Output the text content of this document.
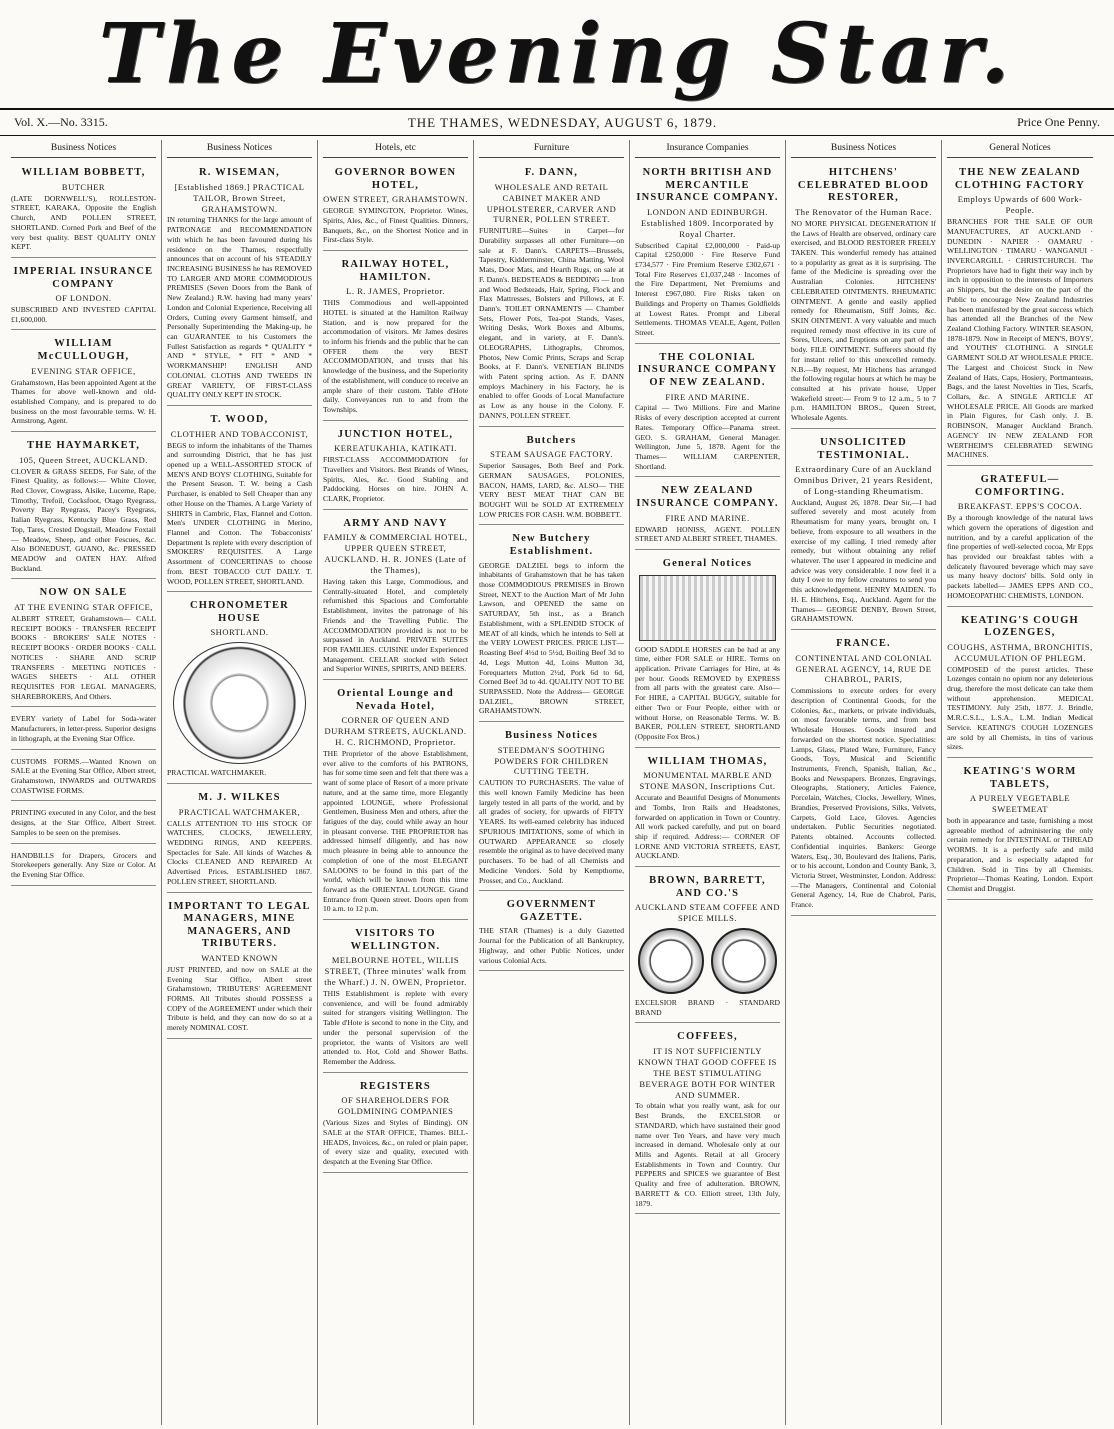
The Evening Star.
Vol. X.—No. 3315.	THE THAMES, WEDNESDAY, AUGUST 6, 1879.	Price One Penny.
Business Notices
WILLIAM BOBBETT,
BUTCHER

(LATE DORNWELL'S), ROLLESTON-STREET, KARAKA, Opposite the English Church, AND POLLEN STREET, SHORTLAND. Corned Pork and Beef of the very best quality. BEST QUALITY ONLY KEPT.

IMPERIAL INSURANCE COMPANY
OF LONDON.

SUBSCRIBED AND INVESTED CAPITAL £1,600,000.

WILLIAM McCULLOUGH,
EVENING STAR OFFICE,

Grahamstown, Has been appointed Agent at the Thames for above well-known and old-established Company, and is prepared to do business on the most favourable terms. W. H. Armstrong, Agent.

THE HAYMARKET,
105, Queen Street, AUCKLAND.

CLOVER & GRASS SEEDS, For Sale, of the Finest Quality, as follows:— White Clover, Red Clover, Cowgrass, Alsike, Lucerne, Rape, Timothy, Trefoil, Cocksfoot, Otago Ryegrass, Poverty Bay Ryegrass, Pacey's Ryegrass, Italian Ryegrass, Kentucky Blue Grass, Red Top, Tares, Crested Dogstail, Meadow Foxtail — Meadow, Sheep, and other Fescues, &c. Also BONEDUST, GUANO, &c. PRESSED MEADOW and OATEN HAY. Alfred Buckland.

NOW ON SALE
AT THE EVENING STAR OFFICE,

ALBERT STREET, Grahamstown— CALL RECEIPT BOOKS · TRANSFER RECEIPT BOOKS · BROKERS' SALE NOTES · RECEIPT BOOKS · ORDER BOOKS · CALL NOTICES · SHARE AND SCRIP TRANSFERS · MEETING NOTICES · WAGES SHEETS · ALL OTHER REQUISITES FOR LEGAL MANAGERS, SHAREBROKERS, And Others.

EVERY variety of Label for Soda-water Manufacturers, in letter-press. Superior designs in lithograph, at the Evening Star Office.

CUSTOMS FORMS.—Wanted Known on SALE at the Evening Star Office, Albert street, Grahamstown, INWARDS and OUTWARDS COASTWISE FORMS.

PRINTING executed in any Color, and the best designs, at the Star Office, Albert Street. Samples to be seen on the premises.

HANDBILLS for Drapers, Grocers and Storekeepers generally. Any Size or Color. At the Evening Star Office.

Business Notices
R. WISEMAN,
[Established 1869.] PRACTICAL TAILOR, Brown Street, GRAHAMSTOWN.

IN returning THANKS for the large amount of PATRONAGE and RECOMMENDATION with which he has been favoured during his residence on the Thames, respectfully announces that on account of his STEADILY INCREASING BUSINESS he has REMOVED TO LARGER AND MORE COMMODIOUS PREMISES (Seven Doors from the Bank of New Zealand.) R.W. having had many years' London and Colonial Experience, Receiving all Orders, Cutting every Garment himself, and Personally Superintending the Making-up, he can GUARANTEE to his Customers the Fullest Satisfaction as regards * QUALITY * AND * STYLE, * FIT * AND * WORKMANSHIP! ENGLISH AND COLONIAL CLOTHS AND TWEEDS IN GREAT VARIETY, OF FIRST-CLASS QUALITY ONLY KEPT IN STOCK.

T. WOOD,
CLOTHIER AND TOBACCONIST,

BEGS to inform the inhabitants of the Thames and surrounding District, that he has just opened up a WELL-ASSORTED STOCK of MEN'S AND BOYS' CLOTHING, Suitable for the Present Season. T. W. being a Cash Purchaser, is enabled to Sell Cheaper than any other House on the Thames. A Large Variety of SHIRTS in Cambric, Flax, Flannel and Cotton. Men's UNDER CLOTHING in Merino, Flannel and Cotton. The Tobacconists' Department Is replete with every description of SMOKERS' REQUISITES. A Large Assortment of CONCERTINAS to choose from. BEST TOBACCO CUT DAILY. T. WOOD, POLLEN STREET, SHORTLAND.

CHRONOMETER HOUSE
SHORTLAND.

PRACTICAL WATCHMAKER.

M. J. WILKES
PRACTICAL WATCHMAKER,

CALLS ATTENTION TO HIS STOCK OF WATCHES, CLOCKS, JEWELLERY, WEDDING RINGS, AND KEEPERS. Spectacles for Sale. All kinds of Watches & Clocks CLEANED AND REPAIRED At Advertised Prices. ESTABLISHED 1867. POLLEN STREET, SHORTLAND.

IMPORTANT TO LEGAL MANAGERS, MINE MANAGERS, AND TRIBUTERS.
WANTED KNOWN

JUST PRINTED, and now on SALE at the Evening Star Office, Albert street Grahamstown, TRIBUTERS' AGREEMENT FORMS. All Tributes should POSSESS a COPY of the AGREEMENT under which their Tribute is held, and they can now do so at a merely NOMINAL COST.

Hotels, etc
GOVERNOR BOWEN HOTEL,
OWEN STREET, GRAHAMSTOWN.

GEORGE SYMINGTON, Proprietor. Wines, Spirits, Ales, &c., of Finest Qualities. Dinners, Banquets, &c., on the Shortest Notice and in First-class Style.

RAILWAY HOTEL, HAMILTON.
L. R. JAMES, Proprietor.

THIS Commodious and well-appointed HOTEL is situated at the Hamilton Railway Station, and is now prepared for the accommodation of visitors. Mr James desires to inform his friends and the public that he can OFFER them the very BEST ACCOMMODATION, and trusts that his knowledge of the business, and the Superiority of the establishment, will conduce to receive an ample share of their custom. Table d'Hote daily. Conveyances run to and from the Townships.

JUNCTION HOTEL,
KEREATUKAHIA, KATIKATI.

FIRST-CLASS ACCOMMODATION for Travellers and Visitors. Best Brands of Wines, Spirits, Ales, &c. Good Stabling and Paddocking. Horses on hire. JOHN A. CLARK, Proprietor.

ARMY AND NAVY
FAMILY & COMMERCIAL HOTEL, UPPER QUEEN STREET, AUCKLAND. H. R. JONES (Late of the Thames),

Having taken this Large, Commodious, and Centrally-situated Hotel, and completely refurnished this Spacious and Comfortable Establishment, invites the patronage of his Friends and the Travelling Public. The ACCOMMODATION provided is not to be surpassed in Auckland. PRIVATE SUITES FOR FAMILIES. CUISINE under Experienced Management. CELLAR stocked with Select and Superior WINES, SPIRITS, AND BEERS.

Oriental Lounge and Nevada Hotel,
CORNER OF QUEEN AND DURHAM STREETS, AUCKLAND. H. C. RICHMOND, Proprietor.

THE Proprietor of the above Establishment, ever alive to the comforts of his PATRONS, has for some time seen and felt that there was a want of some place of Resort of a more private nature, and at the same time, more Elegantly appointed LOUNGE, where Professional Gentlemen, Business Men and others, after the fatigues of the day, could while away an hour in pleasant converse. THE PROPRIETOR has addressed himself diligently, and has now much pleasure in being able to announce the completion of one of the most ELEGANT SALOONS to be found in this part of the world, which will be known from this time forward as the ORIENTAL LOUNGE. Grand Entrance from Queen street. Doors open from 10 a.m. to 12 p.m.

VISITORS TO WELLINGTON.
MELBOURNE HOTEL, WILLIS STREET, (Three minutes' walk from the Wharf.) J. N. OWEN, Proprietor.

THIS Establishment is replete with every convenience, and will be found admirably suited for strangers visiting Wellington. The Table d'Hote is second to none in the City, and under the personal supervision of the proprietor, the wants of Visitors are well attended to. Hot, Cold and Shower Baths. Remember the Address.

REGISTERS
OF SHAREHOLDERS FOR GOLDMINING COMPANIES

(Various Sizes and Styles of Binding). ON SALE at the STAR OFFICE, Thames. BILL-HEADS, Invoices, &c., on ruled or plain paper, of every size and quality, executed with despatch at the Evening Star Office.

Furniture
F. DANN,
WHOLESALE AND RETAIL CABINET MAKER AND UPHOLSTERER, CARVER AND TURNER, POLLEN STREET.

FURNITURE—Suites in Carpet—for Durability surpasses all other Furniture—on sale at F. Dann's. CARPETS—Brussels, Tapestry, Kidderminster, China Matting, Wool Mats, Door Mats, and Hearth Rugs, on sale at F. Dann's. BEDSTEADS & BEDDING — Iron and Wood Bedsteads, Hair, Spring, Flock and Flax Mattresses, Bolsters and Pillows, at F. Dann's. TOILET ORNAMENTS — Chamber Sets, Flower Pots, Tea-pot Stands, Vases, Writing Desks, Work Boxes and Albums, elegant, and in variety, at F. Dann's. OLEOGRAPHS, Lithographs, Chromos, Photos, New Comic Prints, Scraps and Scrap Books, at F. Dann's. VENETIAN BLINDS with Patent spring action. As F. DANN employs Machinery in his Factory, he is enabled to offer Goods of Local Manufacture as Low as any house in the Colony. F. DANN'S, POLLEN STREET.

Butchers
STEAM SAUSAGE FACTORY.

Superior Sausages, Both Beef and Pork. GERMAN SAUSAGES, POLONIES, BACON, HAMS, LARD, &c. ALSO— THE VERY BEST MEAT THAT CAN BE BOUGHT Will be SOLD AT EXTREMELY LOW PRICES FOR CASH. W.M. BOBBETT.

New Butchery Establishment.

GEORGE DALZIEL begs to inform the inhabitants of Grahamstown that he has taken those COMMODIOUS PREMISES in Brown Street, NEXT to the Auction Mart of Mr John Lawson, and OPENED the same on SATURDAY, 5th inst., as a Branch Establishment, with a SPLENDID STOCK of MEAT of all kinds, which he intends to Sell at the VERY LOWEST PRICES. PRICE LIST— Roasting Beef 4½d to 5½d, Boiling Beef 3d to 4d, Legs Mutton 4d, Loins Mutton 3d, Forequarters Mutton 2½d, Pork 6d to 6d, Corned Beef 3d to 4d. QUALITY NOT TO BE SURPASSED. Note the Address— GEORGE DALZIEL, BROWN STREET, GRAHAMSTOWN.

Business Notices
STEEDMAN'S SOOTHING POWDERS FOR CHILDREN CUTTING TEETH.

CAUTION TO PURCHASERS. The value of this well known Family Medicine has been largely tested in all parts of the world, and by all grades of society, for upwards of FIFTY YEARS. Its well-earned celebrity has induced SPURIOUS IMITATIONS, some of which in OUTWARD APPEARANCE so closely resemble the original as to have deceived many purchasers. To be had of all Chemists and Medicine Vendors. Sold by Kempthorne, Prosser, and Co., Auckland.

GOVERNMENT GAZETTE.

THE STAR (Thames) is a duly Gazetted Journal for the Publication of all Bankruptcy, Highway, and other Public Notices, under various Colonial Acts.

Insurance Companies
NORTH BRITISH AND MERCANTILE INSURANCE COMPANY.
LONDON AND EDINBURGH. Established 1809. Incorporated by Royal Charter.

Subscribed Capital £2,000,000 · Paid-up Capital £250,000 · Fire Reserve Fund £734,577 · Fire Premium Reserve £302,671 · Total Fire Reserves £1,037,248 · Incomes of the Fire Department, Net Premiums and Interest £967,080. Fire Risks taken on Buildings and Property on Thames Goldfields at Lowest Rates. Prompt and Liberal Settlements. THOMAS VEALE, Agent, Pollen Street.

THE COLONIAL INSURANCE COMPANY OF NEW ZEALAND.
FIRE AND MARINE.

Capital — Two Millions. Fire and Marine Risks of every description accepted at current Rates. Temporary Office—Panama street. GEO. S. GRAHAM, General Manager. Wellington, June 5, 1878. Agent for the Thames— WILLIAM CARPENTER, Shortland.

NEW ZEALAND INSURANCE COMPANY.
FIRE AND MARINE.

EDWARD HONISS, AGENT. POLLEN STREET AND ALBERT STREET, THAMES.

General Notices

GOOD SADDLE HORSES can be had at any time, either FOR SALE or HIRE. Terms on application. Private Carriages for Hire, at 4s per hour. Goods REMOVED by EXPRESS from all parts with the greatest care. Also— For HIRE, a CAPITAL BUGGY, suitable for either Two or Four People, either with or without Horse, on Reasonable Terms. W. B. BAKER, POLLEN STREET, SHORTLAND (Opposite Fox Bros.)

WILLIAM THOMAS,
MONUMENTAL MARBLE AND STONE MASON, Inscriptions Cut.

Accurate and Beautiful Designs of Monuments and Tombs, Iron Rails and Headstones, forwarded on application in Town or Country. All work packed carefully, and put on board ship if required. Address:— CORNER OF LORNE AND VICTORIA STREETS, EAST, AUCKLAND.

BROWN, BARRETT, AND CO.'S
AUCKLAND STEAM COFFEE AND SPICE MILLS.

EXCELSIOR BRAND · STANDARD BRAND

COFFEES,
IT IS NOT SUFFICIENTLY KNOWN THAT GOOD COFFEE IS THE BEST STIMULATING BEVERAGE BOTH FOR WINTER AND SUMMER.

To obtain what you really want, ask for our Best Brands, the EXCELSIOR or STANDARD, which have sustained their good name over Ten Years, and have very much increased in demand. Wholesale only at our Mills and Agents. Retail at all Grocery Establishments in Town and Country. Our PEPPERS and SPICES we guarantee of Best Quality and free of adulteration. BROWN, BARRETT & CO. Elliott street, 13th July, 1879.

Business Notices
HITCHENS' CELEBRATED BLOOD RESTORER,
The Renovator of the Human Race.

NO MORE PHYSICAL DEGENERATION If the Laws of Health are observed, ordinary care exercised, and BLOOD RESTORER FREELY TAKEN. This wonderful remedy has attained to a popularity as great as it is surprising. The fame of the Medicine is spreading over the Australian Colonies. HITCHENS' CELEBRATED OINTMENTS. RHEUMATIC OINTMENT. A gentle and easily applied remedy for Rheumatism, Stiff Joints, &c. SKIN OINTMENT. A very valuable and much required remedy most effective in its cure of Sores, Ulcers, and Eruptions on any part of the body. FILE OINTMENT. Sufferers should fly for instant relief to this unexcelled remedy. N.B.—By request, Mr Hitchens has arranged the following regular hours at which he may be consulted at his private house, Upper Wakefield street:— From 9 to 12 a.m., 5 to 7 p.m. HAMILTON BROS., Queen Street, Wholesale Agents.

UNSOLICITED TESTIMONIAL.
Extraordinary Cure of an Auckland Omnibus Driver, 21 years Resident, of Long-standing Rheumatism.

Auckland, August 26, 1878. Dear Sir,—I had suffered severely and most acutely from Rheumatism for many years, brought on, I believe, from exposure to all weathers in the exercise of my calling. I tried remedy after remedy, but without obtaining any relief whatever. The user I appeared in medicine and advice was very considerable. I now feel it a duty I owe to my fellow creatures to send you this acknowledgement. HENRY MAIDEN. To H. E. Hitchens, Esq., Auckland. Agent for the Thames— GEORGE DENBY, Brown Street, GRAHAMSTOWN.

FRANCE.
CONTINENTAL AND COLONIAL GENERAL AGENCY, 14, RUE DE CHABROL, PARIS,

Commissions to execute orders for every description of Continental Goods, for the Colonies, &c., markets, or private individuals, on most favourable terms, and from best Wholesale Houses. Goods insured and forwarded on the shortest notice. Specialities: Lamps, Glass, Plated Ware, Furniture, Fancy Goods, Toys, Musical and Scientific Instruments, French, Spanish, Italian, &c., Books and Newspapers. Bronzes, Engravings, Oleographs, Stationery, Articles Faience, Porcelain, Watches, Clocks, Jewellery, Wines, Brandies, Preserved Provisions, Silks, Velvets, Carpets, Gold Lace, Gloves. Agencies undertaken. Public Securities negotiated. Patents obtained. Accounts collected. Confidential inquiries. Bankers: George Waters, Esq., 30, Boulevard des Italiens, Paris, or to his account, London and County Bank, 3, Victoria Street, Westminster, London. Address:—The Managers, Continental and Colonial General Agency, 14, Rue de Chabrol, Paris, France.

General Notices
THE NEW ZEALAND CLOTHING FACTORY
Employs Upwards of 600 Work-People.

BRANCHES FOR THE SALE OF OUR MANUFACTURES, AT AUCKLAND · DUNEDIN · NAPIER · OAMARU · WELLINGTON · TIMARU · WANGANUI · INVERCARGILL · CHRISTCHURCH. The Proprietors have had to fight their way inch by inch in opposition to the interests of Importers an Shippers, but the desire on the part of the Public to encourage New Zealand Industries has been manifested by the great success which has attended all the Branches of the New Zealand Clothing Factory. WINTER SEASON, 1878-1879. Now in Receipt of MEN'S, BOYS', and YOUTHS' CLOTHING. A SINGLE GARMENT SOLD AT WHOLESALE PRICE. The Largest and Choicest Stock in New Zealand of Hats, Caps, Hosiery, Portmanteaus, Bags, and the latest Novelties in Ties, Scarfs, Collars, &c. A SINGLE ARTICLE AT WHOLESALE PRICE. All Goods are marked in Plain Figures, for Cash only. J. B. ROBINSON, Manager Auckland Branch. AGENCY IN NEW ZEALAND FOR WERTHEIM'S CELEBRATED SEWING MACHINES.

GRATEFUL—COMFORTING.
BREAKFAST. EPPS'S COCOA.

By a thorough knowledge of the natural laws which govern the operations of digestion and nutrition, and by a careful application of the fine properties of well-selected cocoa, Mr Epps has provided our breakfast tables with a delicately flavoured beverage which may save us many heavy doctors' bills. Sold only in packets labelled— JAMES EPPS AND CO., HOMOEOPATHIC CHEMISTS, LONDON.

KEATING'S COUGH LOZENGES,
COUGHS, ASTHMA, BRONCHITIS, ACCUMULATION OF PHLEGM.

COMPOSED of the purest articles. These Lozenges contain no opium nor any deleterious drug, therefore the most delicate can take them without apprehension. MEDICAL TESTIMONY. July 25th, 1877. J. Brindle, M.R.C.S.L., L.S.A., L.M. Indian Medical Service. KEATING'S COUGH LOZENGES are sold by all Chemists, in tins of various sizes.

KEATING'S WORM TABLETS,
A PURELY VEGETABLE SWEETMEAT

both in appearance and taste, furnishing a most agreeable method of administering the only certain remedy for INTESTINAL or THREAD WORMS. It is a perfectly safe and mild preparation, and is especially adapted for Children. Sold in Tins by all Chemists. Proprietor—Thomas Keating, London. Export Chemist and Druggist.
